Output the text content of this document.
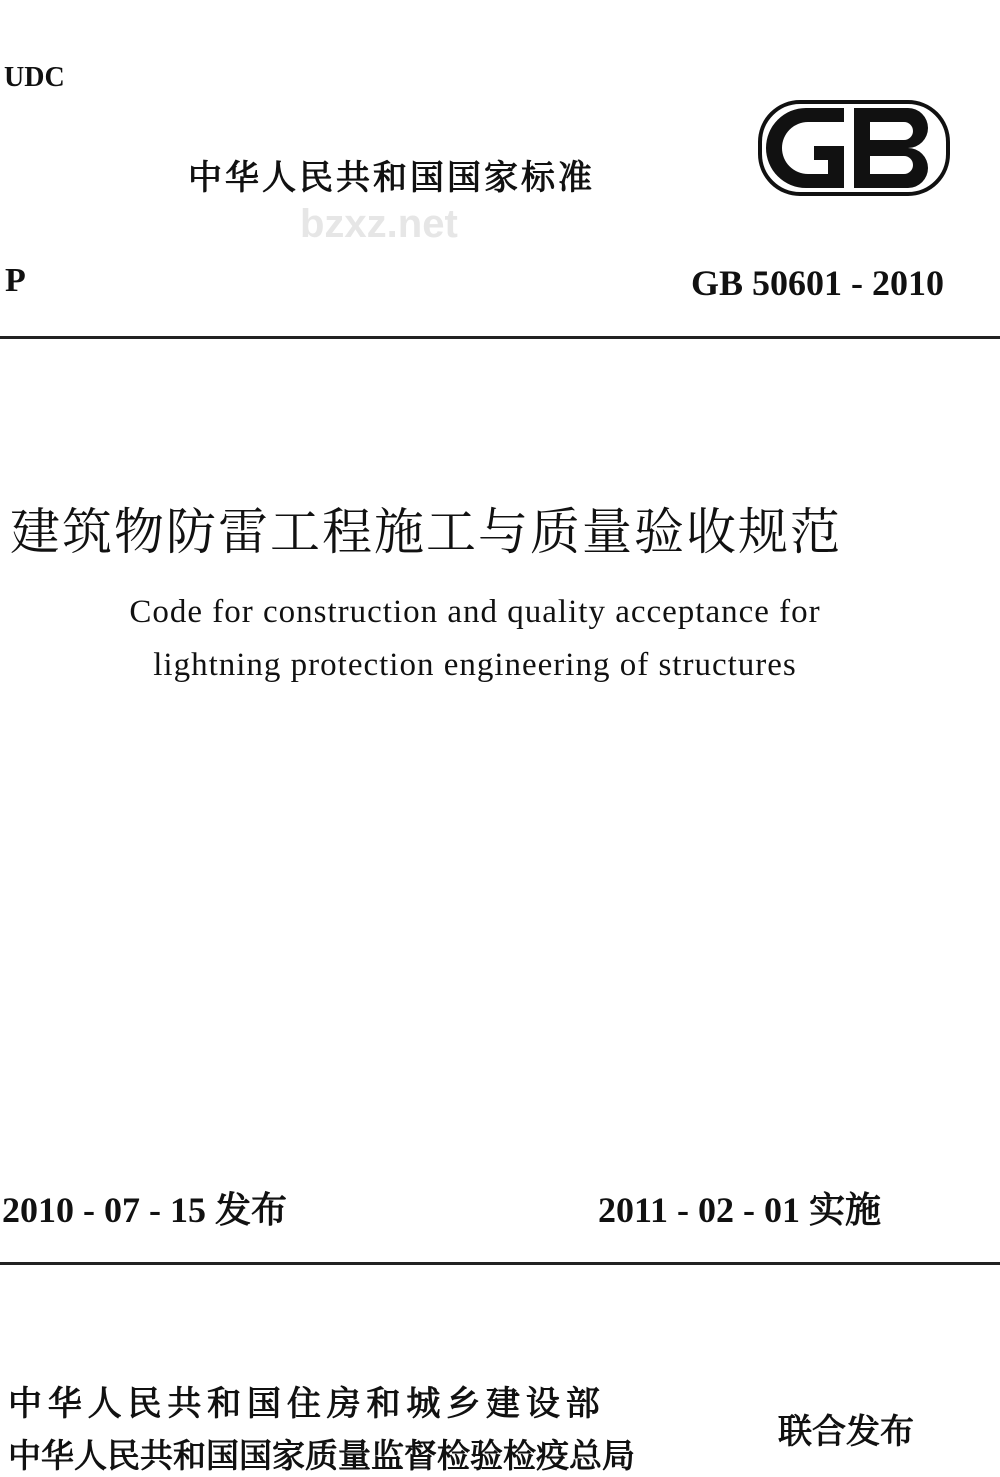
UDC
中华人民共和国国家标准
bzxz.net
P	GB 50601 - 2010
建筑物防雷工程施工与质量验收规范
Code for construction and quality acceptance for
lightning protection engineering of structures
2010 - 07 - 15 发布	2011 - 02 - 01 实施
中 华 人 民 共 和 国 住 房 和 城 乡 建 设 部
中华人民共和国国家质量监督检验检疫总局
联合发布
